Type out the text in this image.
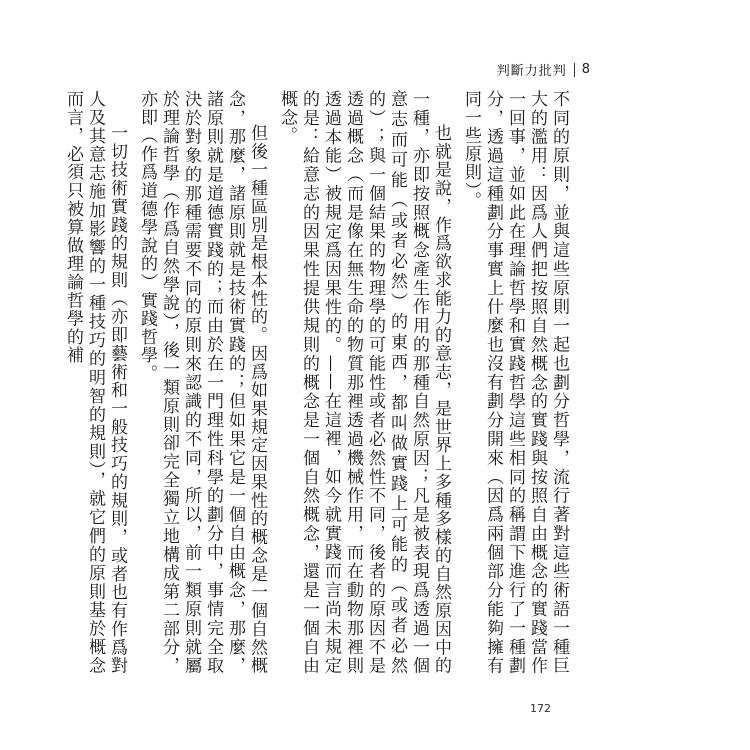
判斷力批判 8

不同的原則，並與這些原則一起也劃分哲學，流行著對這些術語一種巨大的濫用：因爲人們把按照自然概念的實踐與按照自由概念的實踐當作一回事，並如此在理論哲學和實踐哲學這些相同的稱謂下進行了一種劃分，透過這種劃分事實上什麼也沒有劃分開來（因爲兩個部分能夠擁有同一些原則）。

也就是說，作爲欲求能力的意志，是世界上多種多樣的自然原因中的一種，亦即按照概念產生作用的那種自然原因；凡是被表現爲透過一個意志而可能（或者必然）的東西，都叫做實踐上可能的（或者必然的）；與一個結果的物理學的可能性或者必然性不同，後者的原因不是透過概念（而是像在無生命的物質那裡透過機械作用，而在動物那裡則透過本能）被規定爲因果性的。——在這裡，如今就實踐而言尚未規定的是：給意志的因果性提供規則的概念是一個自然概念，還是一個自由概念。

但後一種區別是根本性的。因爲如果規定因果性的概念是一個自然概念，那麼，諸原則就是技術實踐的；但如果它是一個自由概念，那麼，諸原則就是道德實踐的；而由於在一門理性科學的劃分中，事情完全取決於對象的那種需要不同的原則來認識的不同，所以，前一類原則就屬於理論哲學（作爲自然學說），後一類原則卻完全獨立地構成第二部分，亦即（作爲道德學說的）實踐哲學。

一切技術實踐的規則（亦即藝術和一般技巧的規則，或者也有作爲對人及其意志施加影響的一種技巧的明智的規則），就它們的原則基於概念而言，必須只被算做理論哲學的補

172
